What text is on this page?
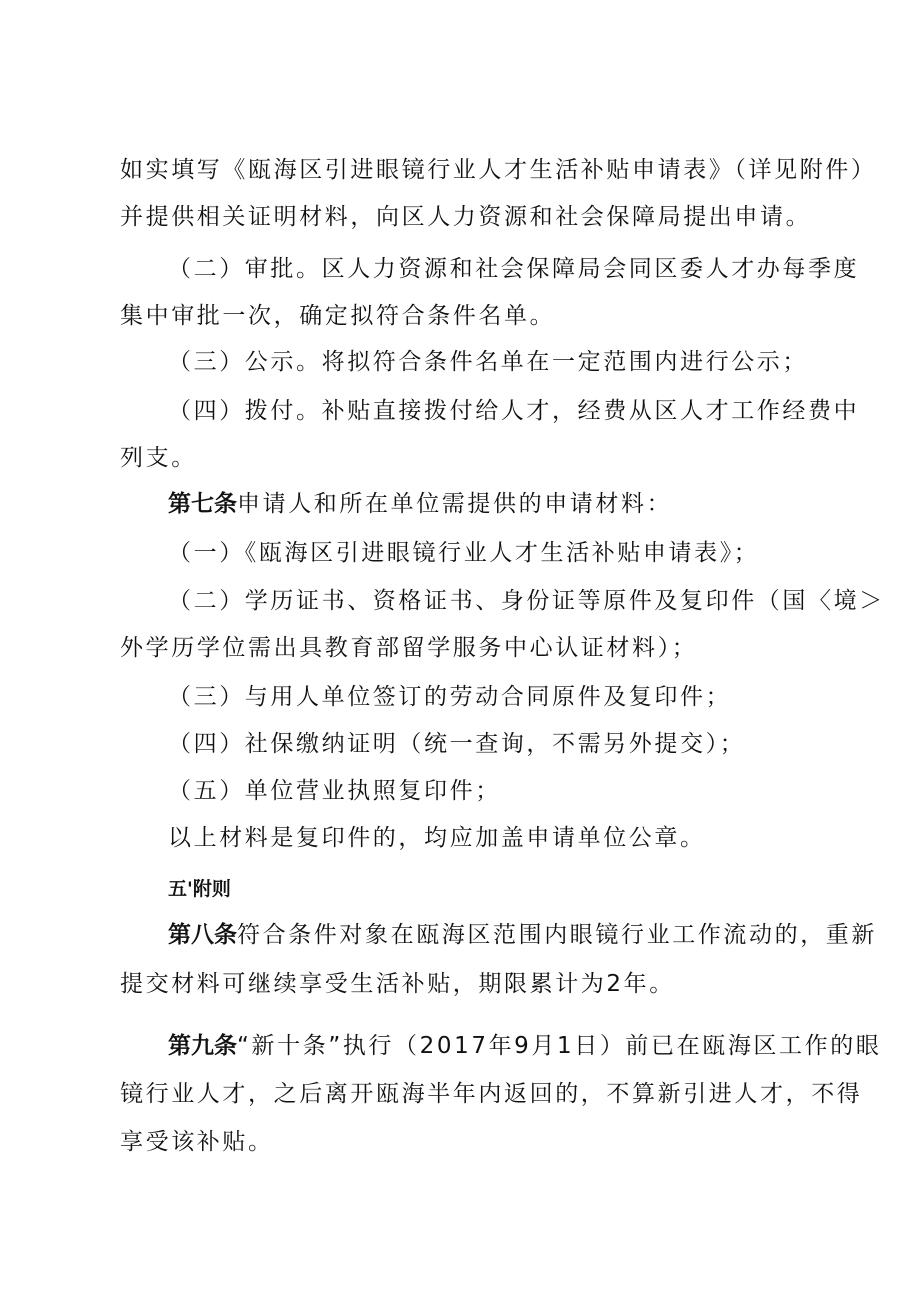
如实填写《瓯海区引进眼镜行业人才生活补贴申请表》（详见附件）
并提供相关证明材料，向区人力资源和社会保障局提出申请。
（二）审批。区人力资源和社会保障局会同区委人才办每季度
集中审批一次，确定拟符合条件名单。
（三）公示。将拟符合条件名单在一定范围内进行公示；
（四）拨付。补贴直接拨付给人才，经费从区人才工作经费中
列支。
第七条申请人和所在单位需提供的申请材料：
（一）《瓯海区引进眼镜行业人才生活补贴申请表》；
（二）学历证书、资格证书、身份证等原件及复印件（国〈境＞
外学历学位需出具教育部留学服务中心认证材料）；
（三）与用人单位签订的劳动合同原件及复印件；
（四）社保缴纳证明（统一查询，不需另外提交）；
（五）单位营业执照复印件；
以上材料是复印件的，均应加盖申请单位公章。
五'附则
第八条符合条件对象在瓯海区范围内眼镜行业工作流动的，重新
提交材料可继续享受生活补贴，期限累计为2年。
第九条“新十条”执行（2017年9月1日）前已在瓯海区工作的眼
镜行业人才，之后离开瓯海半年内返回的，不算新引进人才，不得
享受该补贴。
